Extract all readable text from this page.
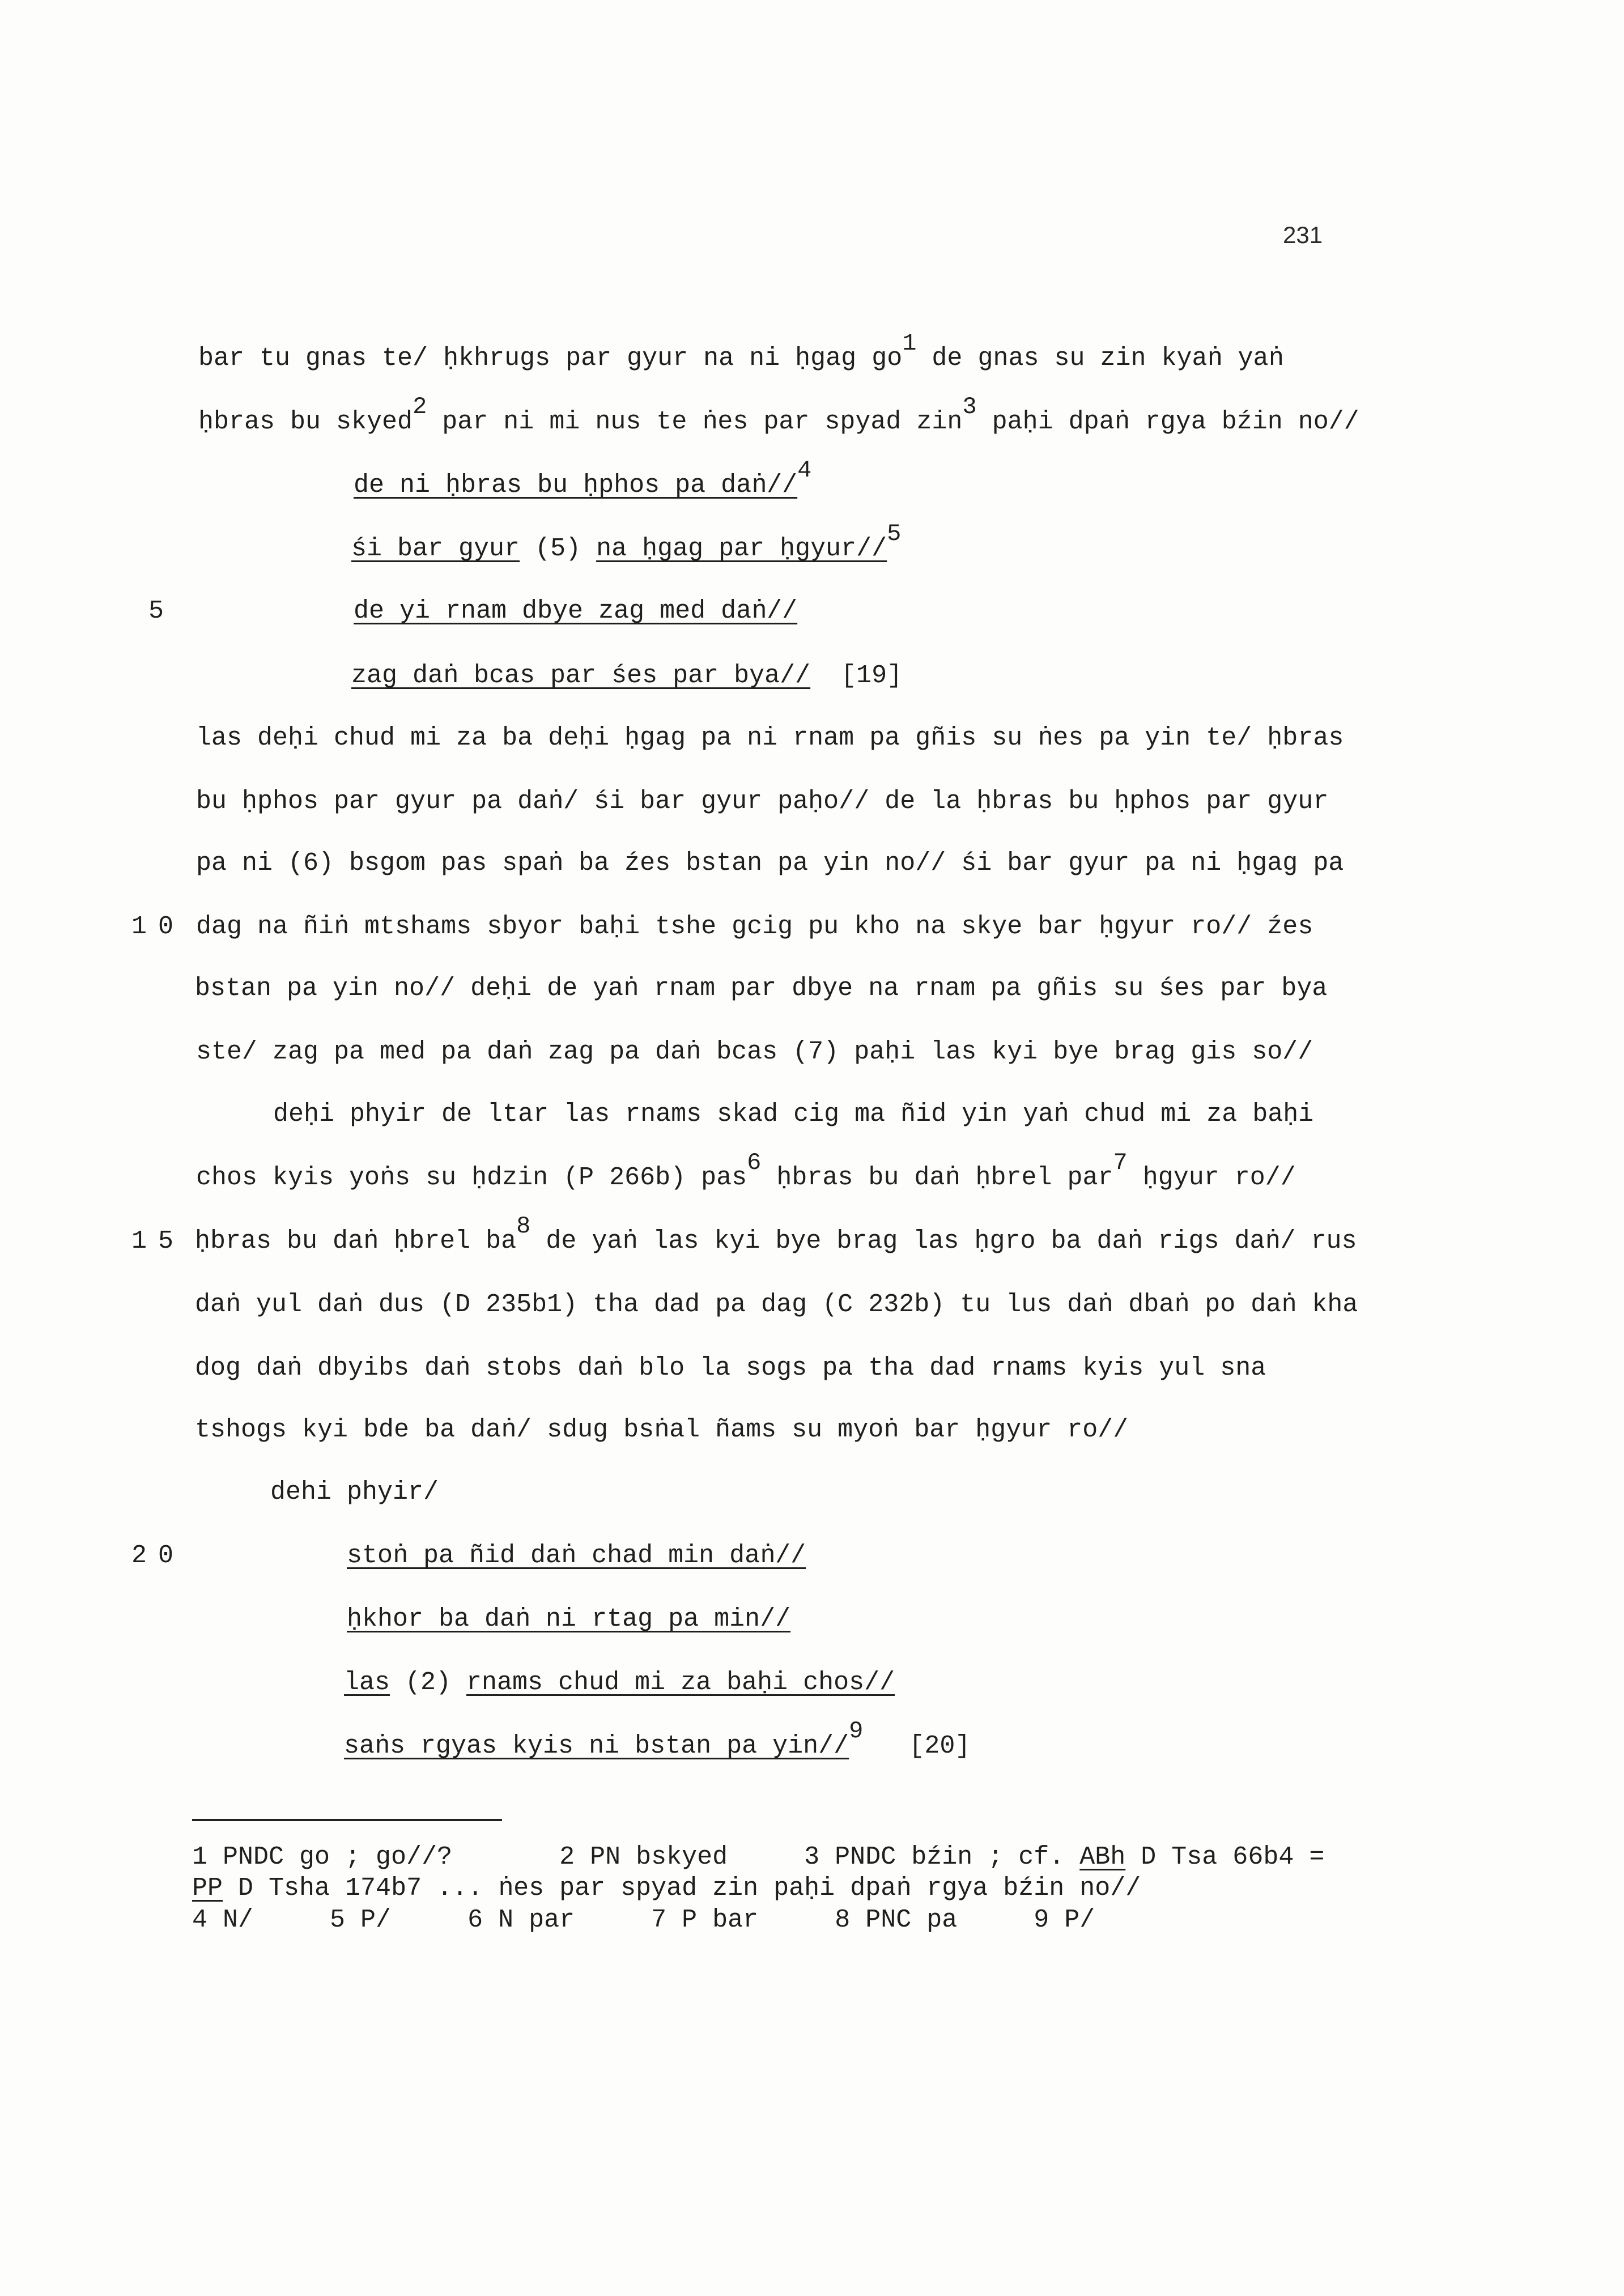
231
5
10
15
20
bar tu gnas te/ ḥkhrugs par gyur na ni ḥgag go1 de gnas su zin kyaṅ yaṅ
ḥbras bu skyed2 par ni mi nus te ṅes par spyad zin3 paḥi dpaṅ rgya bźin no//
de ni ḥbras bu ḥphos pa daṅ//4
śi bar gyur (5) na ḥgag par ḥgyur//5
de yi rnam dbye zag med daṅ//
zag daṅ bcas par śes par bya// [19]
las deḥi chud mi za ba deḥi ḥgag pa ni rnam pa gñis su ṅes pa yin te/ ḥbras
bu ḥphos par gyur pa daṅ/ śi bar gyur paḥo// de la ḥbras bu ḥphos par gyur
pa ni (6) bsgom pas spaṅ ba źes bstan pa yin no// śi bar gyur pa ni ḥgag pa
dag na ñiṅ mtshams sbyor baḥi tshe gcig pu kho na skye bar ḥgyur ro// źes
bstan pa yin no// deḥi de yaṅ rnam par dbye na rnam pa gñis su śes par bya
ste/ zag pa med pa daṅ zag pa daṅ bcas (7) paḥi las kyi bye brag gis so//
deḥi phyir de ltar las rnams skad cig ma ñid yin yaṅ chud mi za baḥi
chos kyis yoṅs su ḥdzin (P 266b) pas6 ḥbras bu daṅ ḥbrel par7 ḥgyur ro//
ḥbras bu daṅ ḥbrel ba8 de yaṅ las kyi bye brag las ḥgro ba daṅ rigs daṅ/ rus
daṅ yul daṅ dus (D 235b1) tha dad pa dag (C 232b) tu lus daṅ dbaṅ po daṅ kha
dog daṅ dbyibs daṅ stobs daṅ blo la sogs pa tha dad rnams kyis yul sna
tshogs kyi bde ba daṅ/ sdug bsṅal ñams su myoṅ bar ḥgyur ro//
dehi phyir/
stoṅ pa ñid daṅ chad min daṅ//
ḥkhor ba daṅ ni rtag pa min//
las (2) rnams chud mi za baḥi chos//
saṅs rgyas kyis ni bstan pa yin//9[20]
1 PNDC go ; go//?	2 PN bskyed	3 PNDC bźin ; cf. ABh D Tsa 66b4 =
PP D Tsha 174b7 ... ṅes par spyad zin paḥi dpaṅ rgya bźin no//
4 N/	5 P/	6 N par	7 P bar	8 PNC pa	9 P/
